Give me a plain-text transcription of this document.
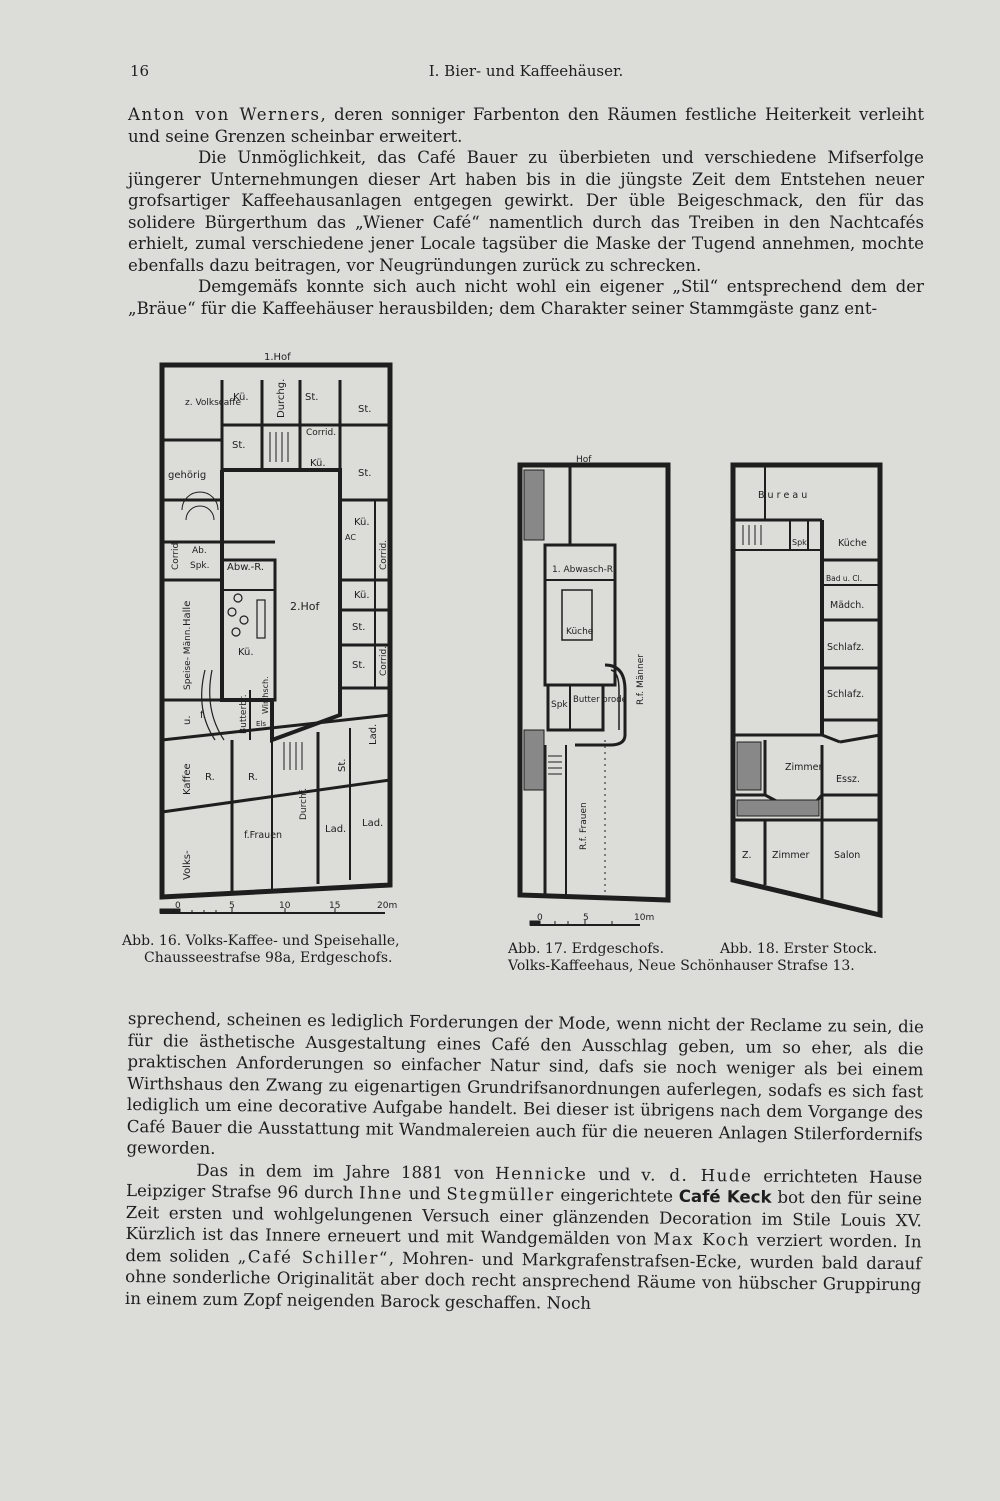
16	I. Bier- und Kaffeehäuser.

Anton von Werners, deren sonniger Farbenton den Räumen festliche Heiterkeit verleiht und seine Grenzen scheinbar erweitert.

Die Unmöglichkeit, das Café Bauer zu überbieten und verschiedene Mifserfolge jüngerer Unternehmungen dieser Art haben bis in die jüngste Zeit dem Entstehen neuer grofsartiger Kaffeehausanlagen entgegen gewirkt. Der üble Beigeschmack, den für das solidere Bürgerthum das „Wiener Café“ namentlich durch das Treiben in den Nachtcafés erhielt, zumal verschiedene jener Locale tagsüber die Maske der Tugend annehmen, mochte ebenfalls dazu beitragen, vor Neugründungen zurück zu schrecken.

Demgemäfs konnte sich auch nicht wohl ein eigener „Stil“ entsprechend dem der „Bräue“ für die Kaffeehäuser herausbilden; dem Charakter seiner Stammgäste ganz ent-

1.Hof
2.Hof
z. Volkscaffe
gehörig
Kü.	Durchg. St.
St.
St.
Corrid.
Kü.
St.
Kü.
AC
Corrid.
Kü.
St.
St. Corrid.
Corrid. Ab.
Spk. Abw.-R.
Halle
Speise- Männ.
u. f.
Kü.
Butterbr. Wirthsch.
Els
Kaffee R.	R.
Durchf.
St.
Lad.
f.Frauen
Lad.
Lad.
Volks-
0	5	10	15	20m
Hof
1. Abwasch-R.
Küche
Spk Butter brode R.f. Männer
R.f. Frauen
0	5	10m
B u r e a u
Spk	Küche
Bad u. Cl.
Mädch.
Schlafz.
Schlafz.
Zimmer
Essz.
Z. Zimmer	Salon
Abb. 16. Volks-Kaffee- und Speisehalle,
Chausseestrafse 98a, Erdgeschofs.
Abb. 17. Erdgeschofs.	Abb. 18. Erster Stock.
Volks-Kaffeehaus, Neue Schönhauser Strafse 13.

sprechend, scheinen es lediglich Forderungen der Mode, wenn nicht der Reclame zu sein, die für die ästhetische Ausgestaltung eines Café den Ausschlag geben, um so eher, als die praktischen Anforderungen so einfacher Natur sind, dafs sie noch weniger als bei einem Wirthshaus den Zwang zu eigenartigen Grundrifsanordnungen auferlegen, sodafs es sich fast lediglich um eine decorative Aufgabe handelt. Bei dieser ist übrigens nach dem Vorgange des Café Bauer die Ausstattung mit Wandmalereien auch für die neueren Anlagen Stilerfordernifs geworden.

Das in dem im Jahre 1881 von Hennicke und v. d. Hude errichteten Hause Leipziger Strafse 96 durch Ihne und Stegmüller eingerichtete Café Keck bot den für seine Zeit ersten und wohlgelungenen Versuch einer glänzenden Decoration im Stile Louis XV. Kürzlich ist das Innere erneuert und mit Wandgemälden von Max Koch verziert worden. In dem soliden „Café Schiller“, Mohren- und Markgrafenstrafsen-Ecke, wurden bald darauf ohne sonderliche Originalität aber doch recht ansprechend Räume von hübscher Gruppirung in einem zum Zopf neigenden Barock geschaffen. Noch
